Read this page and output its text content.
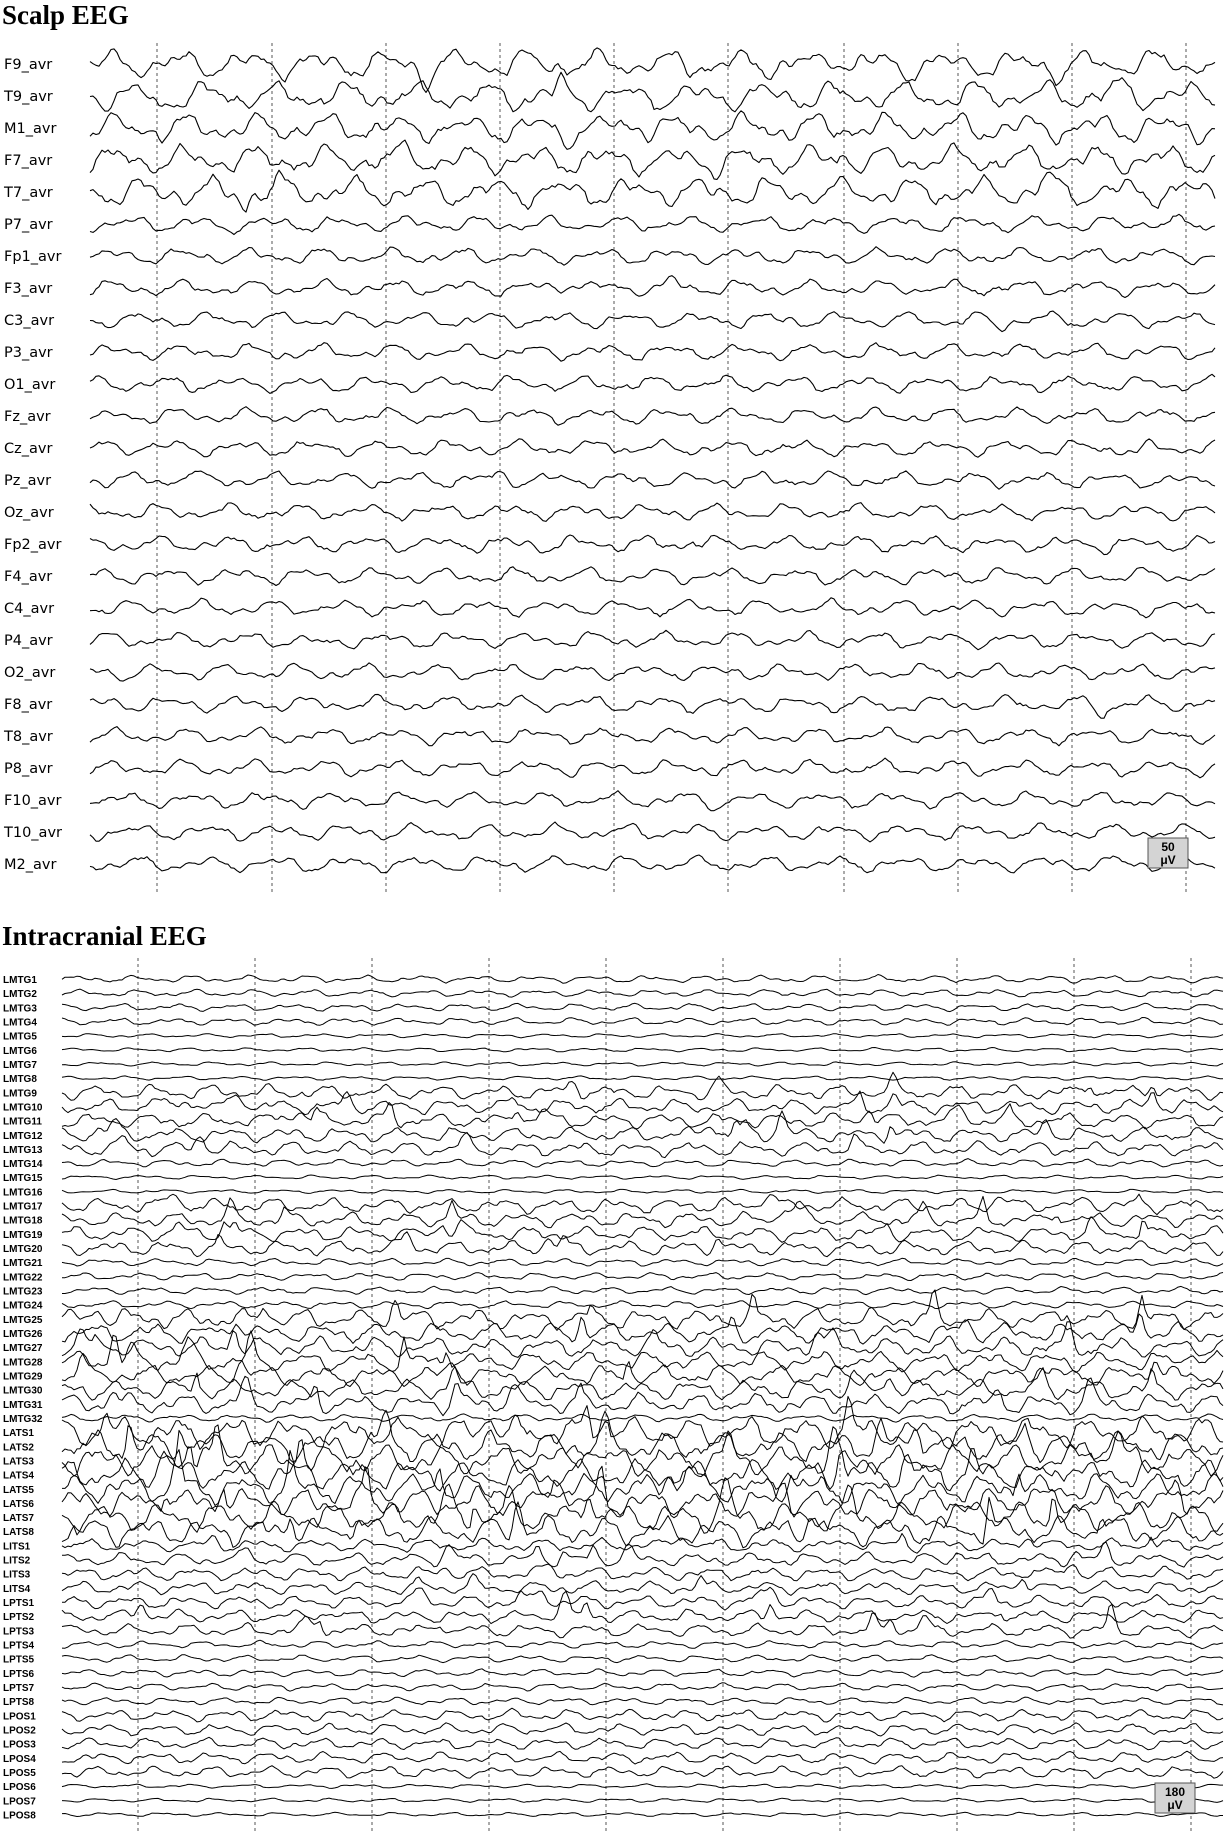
Scalp EEG
Intracranial EEG
F9_avr
T9_avr
M1_avr
F7_avr
T7_avr
P7_avr
Fp1_avr
F3_avr
C3_avr
P3_avr
O1_avr
Fz_avr
Cz_avr
Pz_avr
Oz_avr
Fp2_avr
F4_avr
C4_avr
P4_avr
O2_avr
F8_avr
T8_avr
P8_avr
F10_avr
T10_avr
M2_avr
LMTG1
LMTG2
LMTG3
LMTG4
LMTG5
LMTG6
LMTG7
LMTG8
LMTG9
LMTG10
LMTG11
LMTG12
LMTG13
LMTG14
LMTG15
LMTG16
LMTG17
LMTG18
LMTG19
LMTG20
LMTG21
LMTG22
LMTG23
LMTG24
LMTG25
LMTG26
LMTG27
LMTG28
LMTG29
LMTG30
LMTG31
LMTG32
LATS1
LATS2
LATS3
LATS4
LATS5
LATS6
LATS7
LATS8
LITS1
LITS2
LITS3
LITS4
LPTS1
LPTS2
LPTS3
LPTS4
LPTS5
LPTS6
LPTS7
LPTS8
LPOS1
LPOS2
LPOS3
LPOS4
LPOS5
LPOS6
LPOS7
LPOS8
50
μV
180
μV
